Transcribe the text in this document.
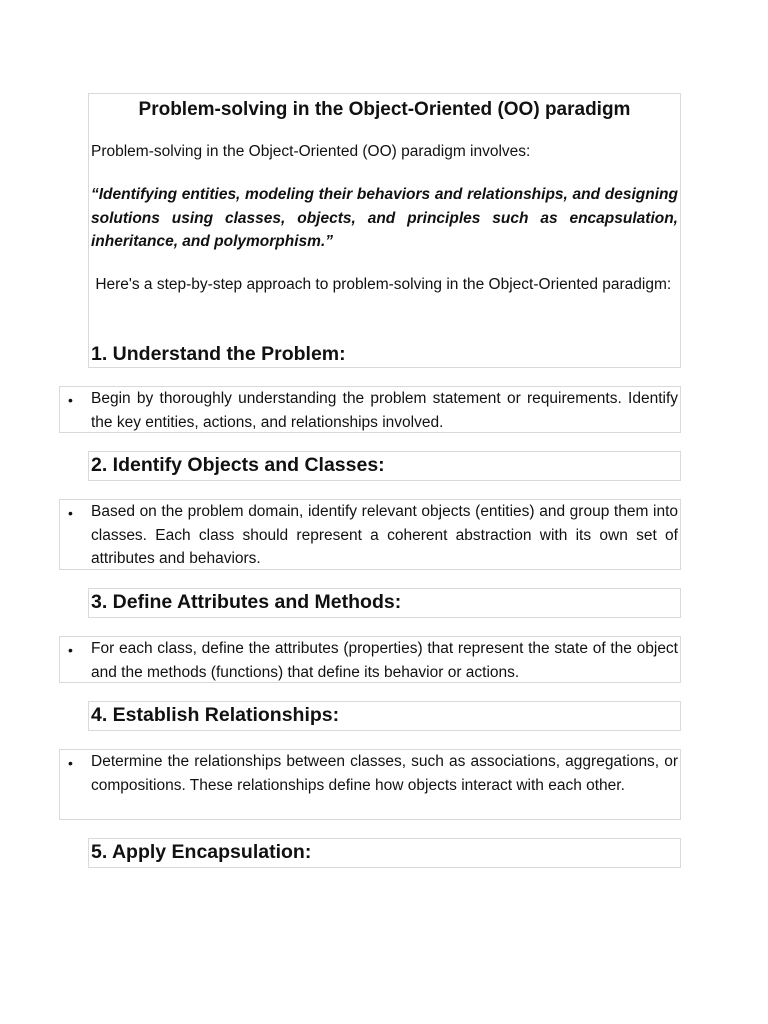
Problem-solving in the Object-Oriented (OO) paradigm

Problem-solving in the Object-Oriented (OO) paradigm involves:

“Identifying entities, modeling their behaviors and relationships, and designing solutions using classes, objects, and principles such as encapsulation, inheritance, and polymorphism.”

Here's a step-by-step approach to problem-solving in the Object-Oriented paradigm:

1. Understand the Problem:
• Begin by thoroughly understanding the problem statement or requirements. Identify the key entities, actions, and relationships involved.

2. Identify Objects and Classes:
• Based on the problem domain, identify relevant objects (entities) and group them into classes. Each class should represent a coherent abstraction with its own set of attributes and behaviors.

3. Define Attributes and Methods:
• For each class, define the attributes (properties) that represent the state of the object and the methods (functions) that define its behavior or actions.

4. Establish Relationships:
• Determine the relationships between classes, such as associations, aggregations, or compositions. These relationships define how objects interact with each other.

5. Apply Encapsulation:
